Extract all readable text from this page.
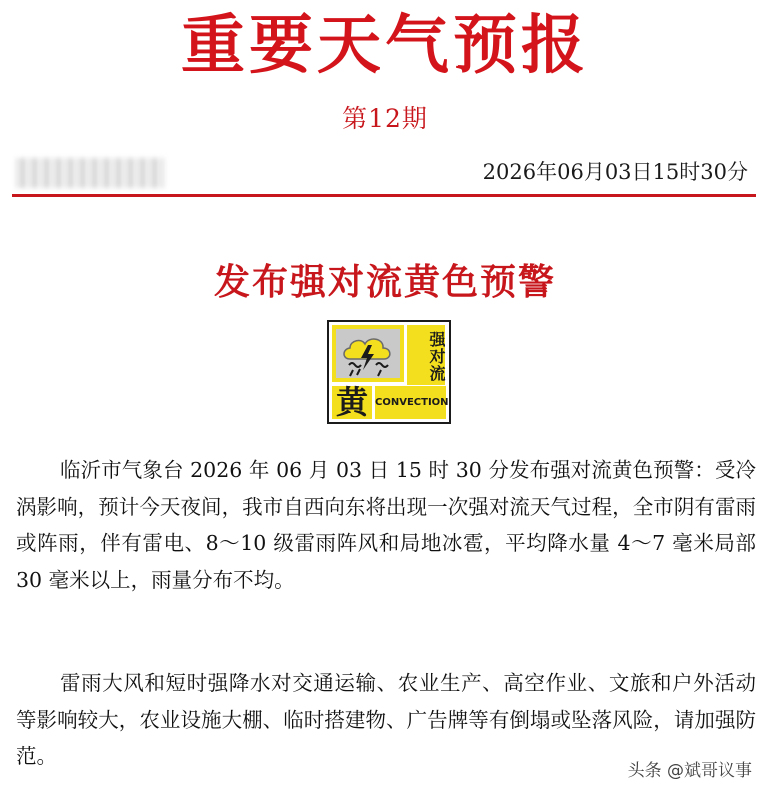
重要天气预报
第12期
2026年06月03日15时30分
发布强对流黄色预警
强对流
黄 CONVECTION

临沂市气象台 2026 年 06 月 03 日 15 时 30 分发布强对流黄色预警：受冷涡影响，预计今天夜间，我市自西向东将出现一次强对流天气过程，全市阴有雷雨或阵雨，伴有雷电、8～10 级雷雨阵风和局地冰雹，平均降水量 4～7 毫米局部 30 毫米以上，雨量分布不均。

雷雨大风和短时强降水对交通运输、农业生产、高空作业、文旅和户外活动等影响较大，农业设施大棚、临时搭建物、广告牌等有倒塌或坠落风险，请加强防范。

头条 @斌哥议事
